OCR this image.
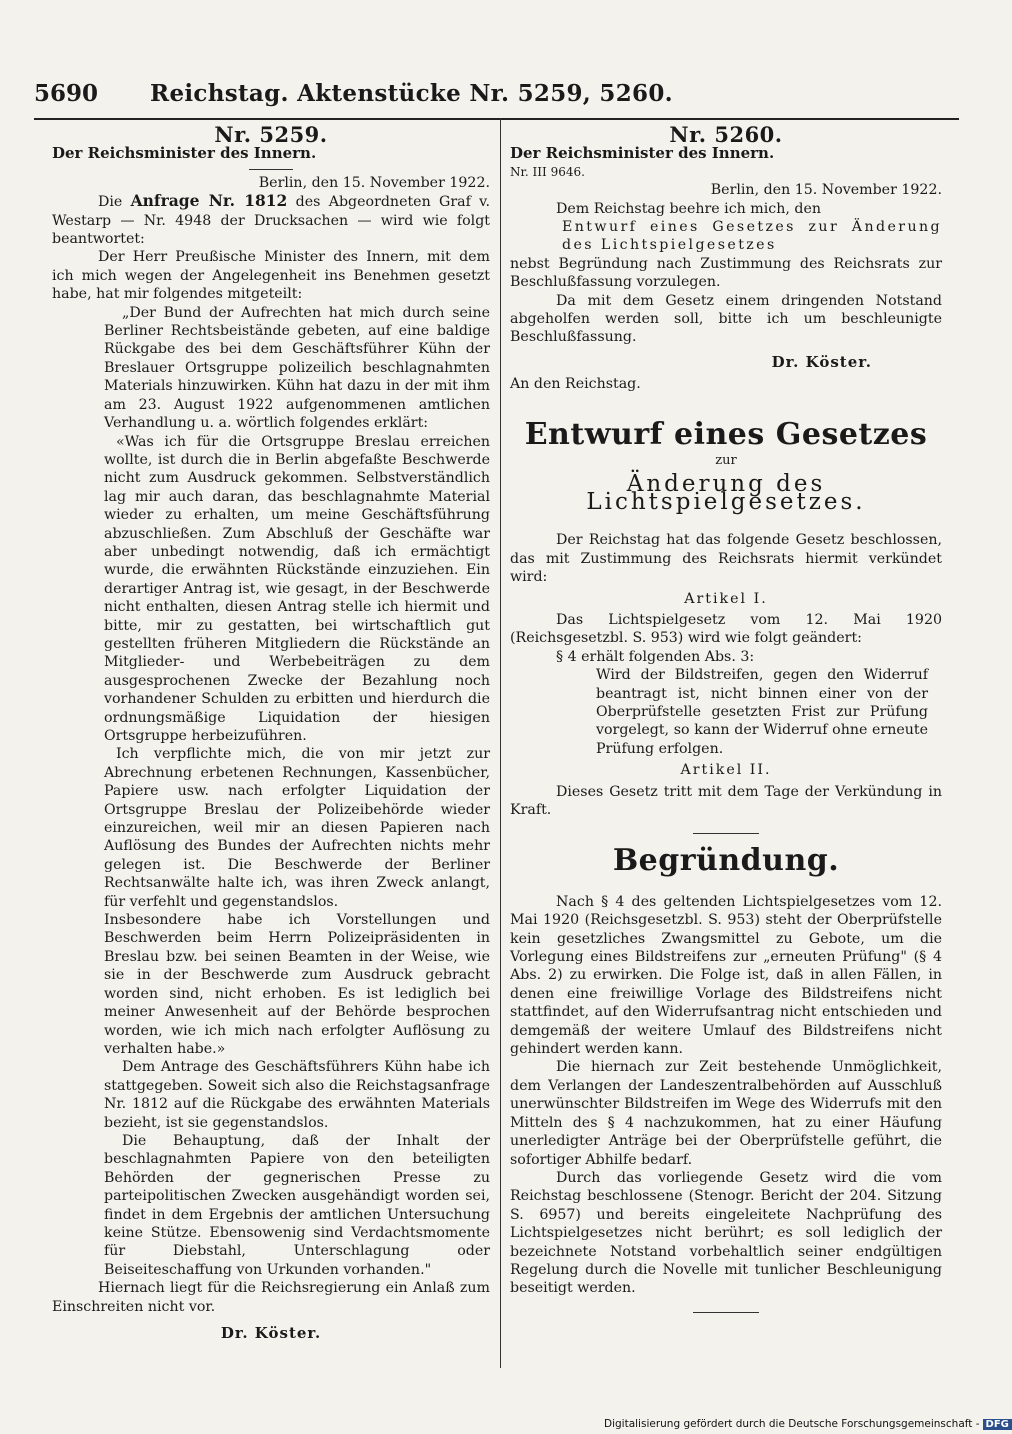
5690	Reichstag. Aktenstücke Nr. 5259, 5260.

Nr. 5259.

Der Reichsminister des Innern.

Berlin, den 15. November 1922.

Die Anfrage Nr. 1812 des Abgeordneten Graf v. Westarp — Nr. 4948 der Drucksachen — wird wie folgt beantwortet:

Der Herr Preußische Minister des Innern, mit dem ich mich wegen der Angelegenheit ins Benehmen gesetzt habe, hat mir folgendes mitgeteilt:

„Der Bund der Aufrechten hat mich durch seine Berliner Rechtsbeistände gebeten, auf eine baldige Rückgabe des bei dem Geschäftsführer Kühn der Breslauer Ortsgruppe polizeilich beschlagnahmten Materials hinzuwirken. Kühn hat dazu in der mit ihm am 23. August 1922 aufgenommenen amtlichen Verhandlung u. a. wörtlich folgendes erklärt:

«Was ich für die Ortsgruppe Breslau erreichen wollte, ist durch die in Berlin abgefaßte Beschwerde nicht zum Ausdruck gekommen. Selbstverständlich lag mir auch daran, das beschlagnahmte Material wieder zu erhalten, um meine Geschäftsführung abzuschließen. Zum Abschluß der Geschäfte war aber unbedingt notwendig, daß ich ermächtigt wurde, die erwähnten Rückstände einzuziehen. Ein derartiger Antrag ist, wie gesagt, in der Beschwerde nicht enthalten, diesen Antrag stelle ich hiermit und bitte, mir zu gestatten, bei wirtschaftlich gut gestellten früheren Mitgliedern die Rückstände an Mitglieder- und Werbebeiträgen zu dem ausgesprochenen Zwecke der Bezahlung noch vorhandener Schulden zu erbitten und hierdurch die ordnungsmäßige Liquidation der hiesigen Ortsgruppe herbeizuführen.

Ich verpflichte mich, die von mir jetzt zur Abrechnung erbetenen Rechnungen, Kassenbücher, Papiere usw. nach erfolgter Liquidation der Ortsgruppe Breslau der Polizeibehörde wieder einzureichen, weil mir an diesen Papieren nach Auflösung des Bundes der Aufrechten nichts mehr gelegen ist. Die Beschwerde der Berliner Rechtsanwälte halte ich, was ihren Zweck anlangt, für verfehlt und gegenstandslos.

Insbesondere habe ich Vorstellungen und Beschwerden beim Herrn Polizeipräsidenten in Breslau bzw. bei seinen Beamten in der Weise, wie sie in der Beschwerde zum Ausdruck gebracht worden sind, nicht erhoben. Es ist lediglich bei meiner Anwesenheit auf der Behörde besprochen worden, wie ich mich nach erfolgter Auflösung zu verhalten habe.»

Dem Antrage des Geschäftsführers Kühn habe ich stattgegeben. Soweit sich also die Reichstagsanfrage Nr. 1812 auf die Rückgabe des erwähnten Materials bezieht, ist sie gegenstandslos.

Die Behauptung, daß der Inhalt der beschlagnahmten Papiere von den beteiligten Behörden der gegnerischen Presse zu parteipolitischen Zwecken ausgehändigt worden sei, findet in dem Ergebnis der amtlichen Untersuchung keine Stütze. Ebensowenig sind Verdachtsmomente für Diebstahl, Unterschlagung oder Beiseiteschaffung von Urkunden vorhanden."

Hiernach liegt für die Reichsregierung ein Anlaß zum Einschreiten nicht vor.

Dr. Köster.

Nr. 5260.

Der Reichsminister des Innern.

Nr. III 9646.

Berlin, den 15. November 1922.

Dem Reichstag beehre ich mich, den

Entwurf eines Gesetzes zur Änderung des Lichtspielgesetzes

nebst Begründung nach Zustimmung des Reichsrats zur Beschlußfassung vorzulegen.

Da mit dem Gesetz einem dringenden Notstand abgeholfen werden soll, bitte ich um beschleunigte Beschlußfassung.

Dr. Köster.

An den Reichstag.

Entwurf eines Gesetzes

zur

Änderung des Lichtspielgesetzes.

Der Reichstag hat das folgende Gesetz beschlossen, das mit Zustimmung des Reichsrats hiermit verkündet wird:

Artikel I.

Das Lichtspielgesetz vom 12. Mai 1920 (Reichsgesetzbl. S. 953) wird wie folgt geändert:

§ 4 erhält folgenden Abs. 3:

Wird der Bildstreifen, gegen den Widerruf beantragt ist, nicht binnen einer von der Oberprüfstelle gesetzten Frist zur Prüfung vorgelegt, so kann der Widerruf ohne erneute Prüfung erfolgen.

Artikel II.

Dieses Gesetz tritt mit dem Tage der Verkündung in Kraft.

Begründung.

Nach § 4 des geltenden Lichtspielgesetzes vom 12. Mai 1920 (Reichsgesetzbl. S. 953) steht der Oberprüfstelle kein gesetzliches Zwangsmittel zu Gebote, um die Vorlegung eines Bildstreifens zur „erneuten Prüfung" (§ 4 Abs. 2) zu erwirken. Die Folge ist, daß in allen Fällen, in denen eine freiwillige Vorlage des Bildstreifens nicht stattfindet, auf den Widerrufsantrag nicht entschieden und demgemäß der weitere Umlauf des Bildstreifens nicht gehindert werden kann.

Die hiernach zur Zeit bestehende Unmöglichkeit, dem Verlangen der Landeszentralbehörden auf Ausschluß unerwünschter Bildstreifen im Wege des Widerrufs mit den Mitteln des § 4 nachzukommen, hat zu einer Häufung unerledigter Anträge bei der Oberprüfstelle geführt, die sofortiger Abhilfe bedarf.

Durch das vorliegende Gesetz wird die vom Reichstag beschlossene (Stenogr. Bericht der 204. Sitzung S. 6957) und bereits eingeleitete Nachprüfung des Lichtspielgesetzes nicht berührt; es soll lediglich der bezeichnete Notstand vorbehaltlich seiner endgültigen Regelung durch die Novelle mit tunlicher Beschleunigung beseitigt werden.

Digitalisierung gefördert durch die Deutsche Forschungsgemeinschaft - DFG
